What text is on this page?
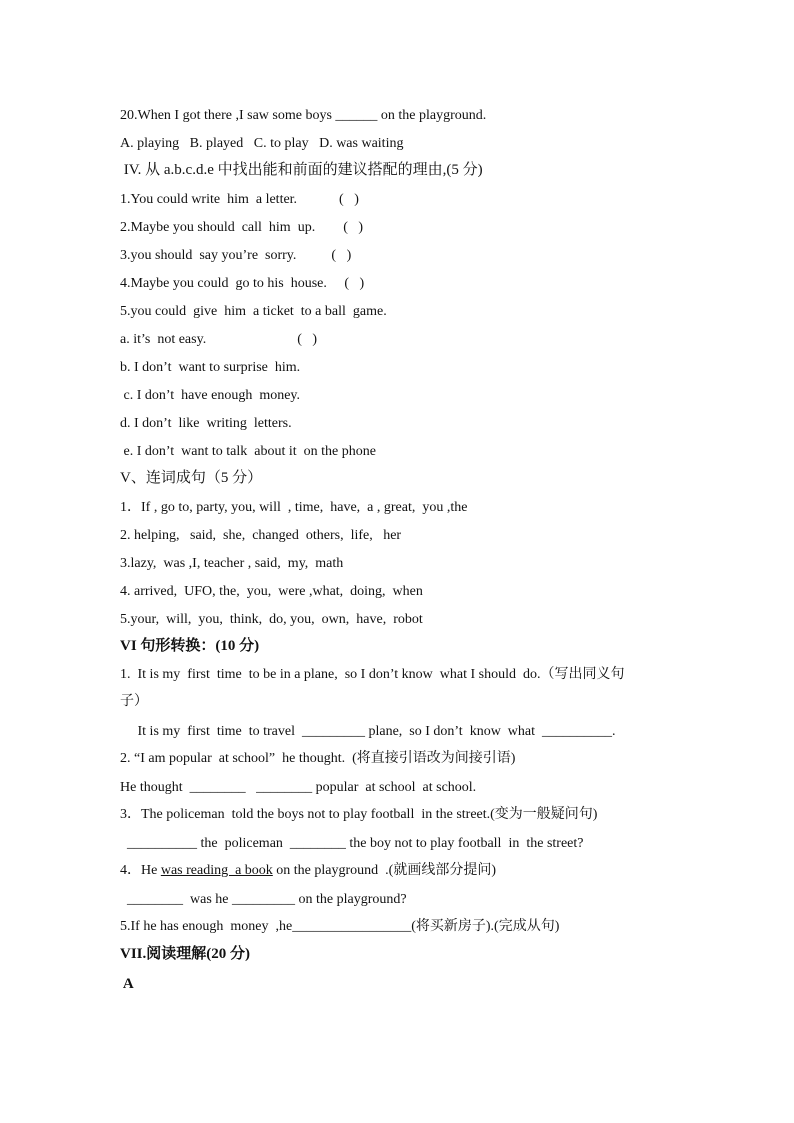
20.When I got there ,I saw some boys ______ on the playground.
A. playing   B. played   C. to play   D. was waiting
IV. 从 a.b.c.d.e 中找出能和前面的建议搭配的理由,(5 分)
1.You could write  him  a letter.            (   )
2.Maybe you should  call  him  up.        (   )
3.you should  say you’re  sorry.          (   )
4.Maybe you could  go to his  house.     (   )
5.you could  give  him  a ticket  to a ball  game.
a. it’s  not easy.                          (   )
b. I don’t  want to surprise  him.
c. I don’t  have enough  money.
d. I don’t  like  writing  letters.
e. I don’t  want to talk  about it  on the phone
V、连词成句（5 分）
1．If , go to, party, you, will  , time,  have,  a , great,  you ,the
2. helping,   said,  she,  changed  others,  life,   her
3.lazy,  was ,I, teacher , said,  my,  math
4. arrived,  UFO, the,  you,  were ,what,  doing,  when
5.your,  will,  you,  think,  do, you,  own,  have,  robot
VI 句形转换：(10 分)
1.  It is my  first  time  to be in a plane,  so I don’t know  what I should  do.（写出同义句
子）
It is my  first  time  to travel  _________ plane,  so I don’t  know  what  __________.
2. “I am popular  at school”  he thought.  (将直接引语改为间接引语)
He thought  ________   ________ popular  at school  at school.
3．The policeman  told the boys not to play football  in the street.(变为一般疑问句)
__________ the  policeman  ________ the boy not to play football  in  the street?
4．He was reading  a book on the playground  .(就画线部分提问)
________  was he _________ on the playground?
5.If he has enough  money  ,he_________________(将买新房子).(完成从句)
VII.阅读理解(20 分)
A
